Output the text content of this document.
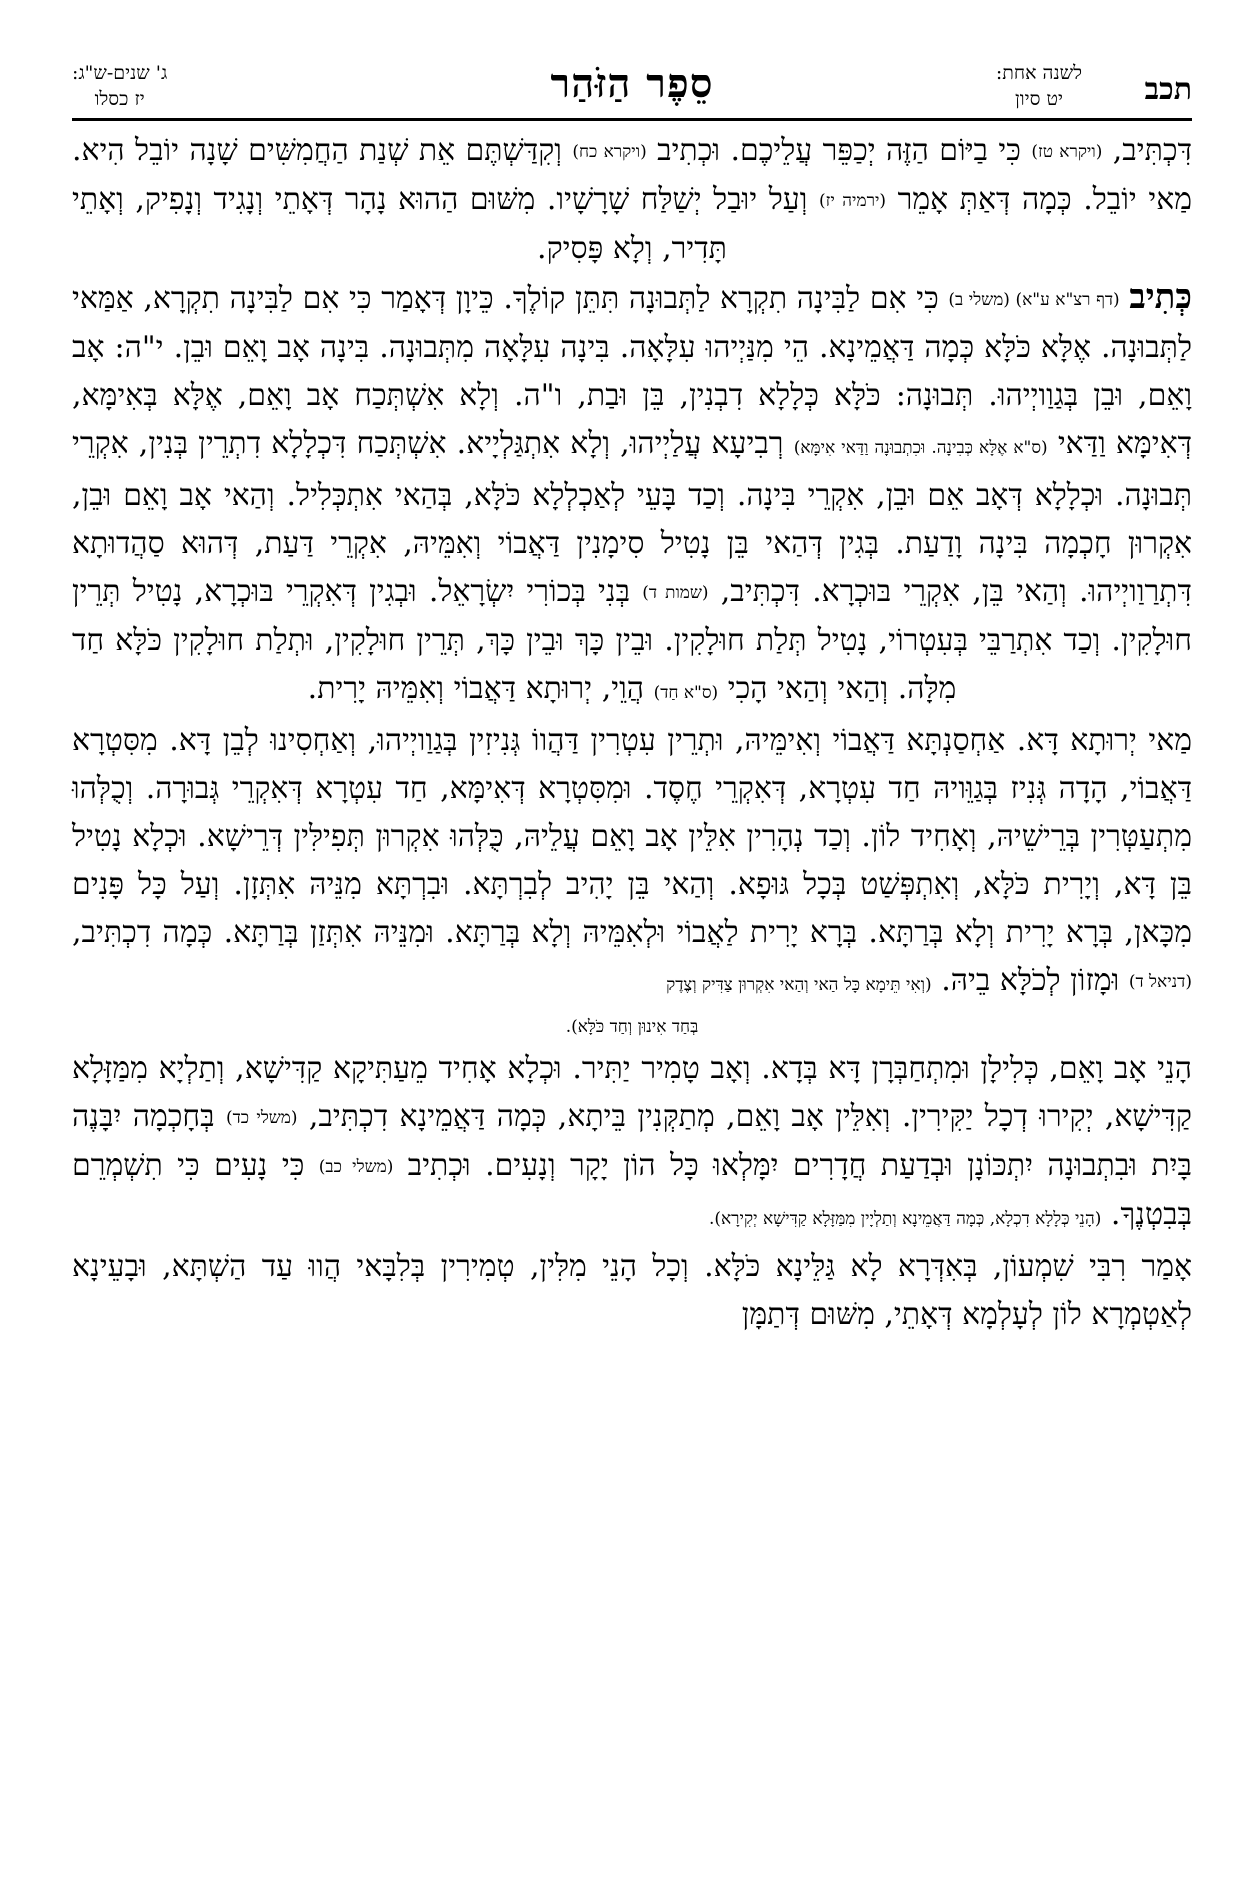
תכב
לשנה אחת:
יט סיון
סֵפֶר הַזֹּהַר
ג' שנים-ש"ג:
יז כסלו

דִּכְתִּיב, (ויקרא טז) כִּי בַיּוֹם הַזֶּה יְכַפֵּר עֲלֵיכֶם. וּכְתִיב (ויקרא כח) וְקִדַּשְׁתֶּם אֵת שְׁנַת הַחֲמִשִּׁים שָׁנָה יוֹבֵל הִיא. מַאי יוֹבֵל. כְּמָה דְּאַתְּ אָמֵר (ירמיה יז) וְעַל יוּבַל יְשַׁלַּח שָׁרָשָׁיו. מִשּׁוּם הַהוּא נָהָר דְּאָתֵי וְנָגִיד וְנָפִיק, וְאָתֵי תָּדִיר, וְלָא פָּסִיק.

כְּתִיב (דף רצ"א ע"א) (משלי ב) כִּי אִם לַבִּינָה תִקְרָא לַתְּבוּנָה תִּתֵּן קוֹלֶךָ. כֵּיוָן דְּאָמַר כִּי אִם לַבִּינָה תִקְרָא, אַמַּאי לַתְּבוּנָה. אֶלָּא כֹּלָּא כְּמָה דַּאֲמֵינָא. הֵי מִנַּיְיהוּ עִלָּאָה. בִּינָה עִלָּאָה מִתְּבוּנָה. בִּינָה אָב וָאֵם וּבֵן. י"ה: אָב וָאֵם, וּבֵן בְּגַוַויְיהוּ. תְּבוּנָה: כֹּלָּא כְּלָלָא דִבְנִין, בֵּן וּבַת, ו"ה. וְלָא אִשְׁתְּכַח אָב וָאֵם, אֶלָּא בְּאִימָּא, דְּאִימָּא וַדַּאי (ס"א אֶלָּא כְּבִינָה. וּכִתְבוּנָה וַדַּאי אִימָּא) רְבִיעָא עֲלַיְיהוּ, וְלָא אִתְגַּלְיָיא. אִשְׁתְּכַח דִּכְלָלָא דִתְרֵין בְּנִין, אִקְרֵי תְּבוּנָה. וּכְלָלָא דְּאָב אֵם וּבֵן, אִקְרֵי בִּינָה. וְכַד בָּעֵי לְאַכְלְלָא כֹּלָּא, בְּהַאי אִתְכְּלִיל. וְהַאי אָב וָאֵם וּבֵן, אִקְרוּן חָכְמָה בִּינָה וָדַעַת. בְּגִין דְּהַאי בֵּן נָטִיל סִימָנִין דַּאֲבוֹי וְאִמֵּיהּ, אִקְרֵי דַּעַת, דְּהוּא סַהֲדוּתָא דִּתְרַוַויְיהוּ. וְהַאי בֵּן, אִקְרֵי בּוּכְרָא. דִּכְתִּיב, (שמות ד) בְּנִי בְּכוֹרִי יִשְׂרָאֵל. וּבְגִין דְּאִקְרֵי בּוּכְרָא, נָטִיל תְּרֵין חוּלָקִין. וְכַד אִתְרַבֵּי בְּעִטְרוֹי, נָטִיל תְּלַת חוּלָקִין. וּבֵין כָּךְ וּבֵין כָּךְ, תְּרֵין חוּלָקִין, וּתְלַת חוּלָקִין כֹּלָּא חַד מִלָּה. וְהַאי וְהַאי הָכִי (ס"א חַד) הֲוֵי, יְרוּתָא דַּאֲבוֹי וְאִמֵּיהּ יָרִית.

מַאי יְרוּתָא דָּא. אַחְסַנְתָּא דַּאֲבוֹי וְאִימֵּיהּ, וּתְרֵין עִטְרִין דַּהֲווֹ גְּנִיזִין בְּגַוַויְיהוּ, וְאַחְסִינוּ לְבֵן דָּא. מִסִּטְרָא דַּאֲבוֹי, הָדָה גְּנִיז בְּגַוֵּויהּ חַד עִטְרָא, דְּאִקְרֵי חֶסֶד. וּמִסִּטְרָא דְּאִימָּא, חַד עִטְרָא דְּאִקְרֵי גְּבוּרָה. וְכֻלְּהוּ מִתְעַטְּרִין בְּרֵישֵׁיהּ, וְאָחִיד לוֹן. וְכַד נְהָרִין אִלֵּין אָב וָאֵם עֲלֵיהּ, כֻּלְּהוּ אִקְרוּן תְּפִילִּין דְּרֵישָׁא. וּכְלָא נָטִיל בֵּן דָּא, וְיָרִית כֹּלָּא, וְאִתְפְּשַׁט בְּכָל גּוּפָא. וְהַאי בֵּן יָהִיב לְבִרְתָּא. וּבִרְתָּא מִנֵּיהּ אִתְּזָן. וְעַל כָּל פָּנִים מִכָּאן, בְּרָא יָרִית וְלָא בְּרַתָּא. בְּרָא יָרִית לַאֲבוֹי וּלְאִמֵּיהּ וְלָא בְּרַתָּא. וּמִנֵּיהּ אִתְּזַן בְּרַתָּא. כְּמָה דִכְתִּיב, (דניאל ד) וּמָזוֹן לְכֹלָּא בֵיהּ. (וְאִי תֵּימָא כָּל הַאי וְהַאי אִקְרוּן צַדִּיק וְצֶדֶק

בְּחַד אִינוּן וְחַד כֹּלָּא).

הָנֵי אָב וָאֵם, כְּלִילָן וּמִתְחַבְּרָן דָּא בְּדָא. וְאָב טָמִיר יַתִּיר. וּכְלָא אָחִיד מֵעַתִּיקָא קַדִּישָׁא, וְתַלְיָא מִמַּזָּלָא קַדִּישָׁא, יְקִירוּ דְכָל יַקִּירִין. וְאִלֵּין אָב וָאֵם, מְתַקְּנִין בֵּיתָא, כְּמָה דַּאֲמֵינָא דִכְתִּיב, (משלי כד) בְּחָכְמָה יִבָּנֶה בָּיִת וּבִתְבוּנָה יִתְכּוֹנָן וּבְדַעַת חֲדָרִים יִמָּלְאוּ כָּל הוֹן יָקָר וְנָעִים. וּכְתִיב (משלי כב) כִּי נָעִים כִּי תִשְׁמְרֵם בְּבִטְנֶךָ. (הָנֵי כְּלָלָא דִכְלָא, כְּמָה דַּאֲמֵינָא וְתַלְיָין מִמַּזָּלָא קַדִּישָׁא יְקִירָא).

אָמַר רִבִּי שִׁמְעוֹן, בְּאִדְּרָא לָא גַּלֵּינָא כֹּלָּא. וְכָל הָנֵי מִלִּין, טְמִירִין בְּלִבָּאי הֲווּ עַד הַשְׁתָּא, וּבָעֵינָא לְאַטְמְרָא לוֹן לְעָלְמָא דְּאָתֵי, מִשּׁוּם דְּתַמָּן
